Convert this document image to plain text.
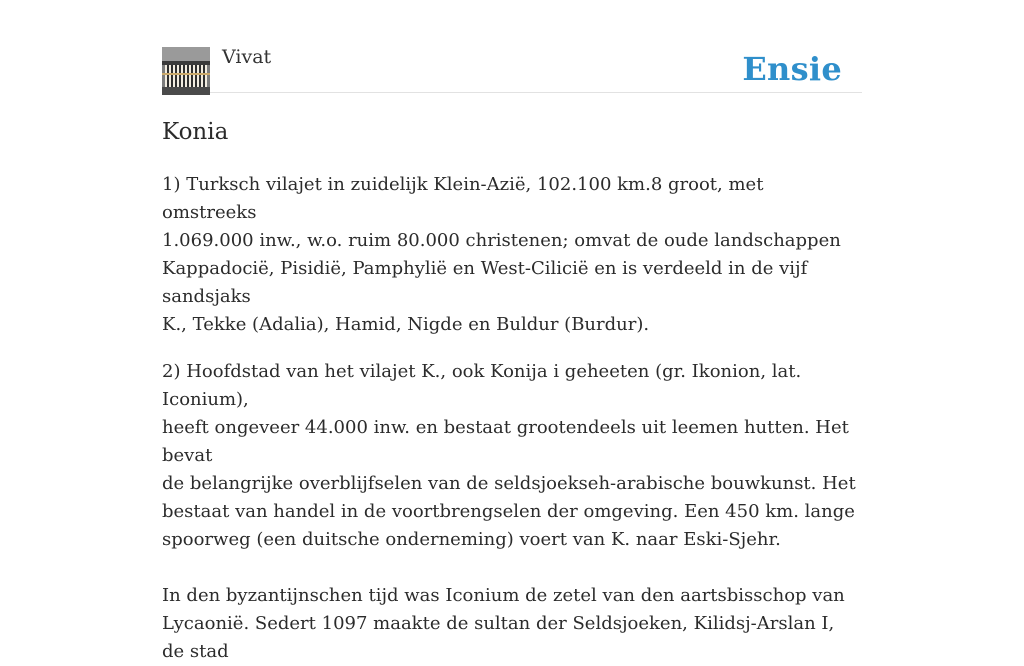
Vivat	Ensie
Konia

1) Turksch vilajet in zuidelijk Klein-Azië, 102.100 km.8 groot, met omstreeks
1.069.000 inw., w.o. ruim 80.000 christenen; omvat de oude landschappen
Kappadocië, Pisidië, Pamphylië en West-Cilicië en is verdeeld in de vijf sandsjaks
K., Tekke (Adalia), Hamid, Nigde en Buldur (Burdur).

2) Hoofdstad van het vilajet K., ook Konija i geheeten (gr. Ikonion, lat. Iconium),
heeft ongeveer 44.000 inw. en bestaat grootendeels uit leemen hutten. Het bevat
de belangrijke overblijfselen van de seldsjoekseh-arabische bouwkunst. Het
bestaat van handel in de voortbrengselen der omgeving. Een 450 km. lange
spoorweg (een duitsche onderneming) voert van K. naar Eski-Sjehr.

In den byzantijnschen tijd was Iconium de zetel van den aartsbisschop van
Lycaonië. Sedert 1097 maakte de sultan der Seldsjoeken, Kilidsj-Arslan I, de stad
